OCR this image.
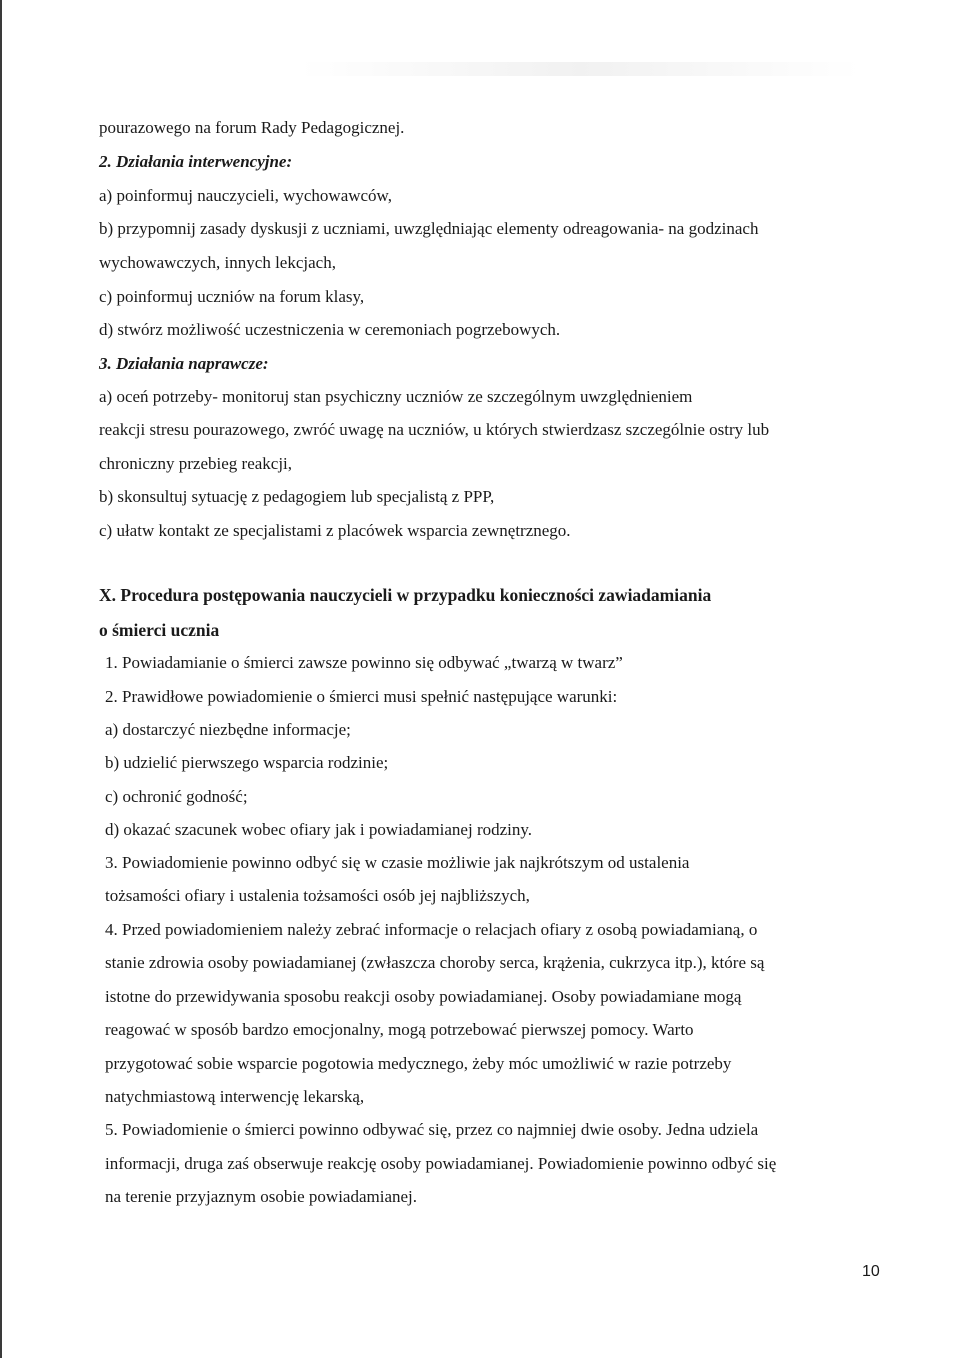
pourazowego na forum Rady Pedagogicznej.

2. Działania interwencyjne:

a) poinformuj nauczycieli, wychowawców,

b) przypomnij zasady dyskusji z uczniami, uwzględniając elementy odreagowania- na godzinach

wychowawczych, innych lekcjach,

c) poinformuj uczniów na forum klasy,

d) stwórz możliwość uczestniczenia w ceremoniach pogrzebowych.

3. Działania naprawcze:

a) oceń potrzeby- monitoruj stan psychiczny uczniów ze szczególnym uwzględnieniem

reakcji stresu pourazowego, zwróć uwagę na uczniów, u których stwierdzasz szczególnie ostry lub

chroniczny przebieg reakcji,

b) skonsultuj sytuację z pedagogiem lub specjalistą z PPP,

c) ułatw kontakt ze specjalistami z placówek wsparcia zewnętrznego.

X. Procedura postępowania nauczycieli w przypadku konieczności zawiadamiania

o śmierci ucznia

1. Powiadamianie o śmierci zawsze powinno się odbywać „twarzą w twarz”

2. Prawidłowe powiadomienie o śmierci musi spełnić następujące warunki:

a) dostarczyć niezbędne informacje;

b) udzielić pierwszego wsparcia rodzinie;

c) ochronić godność;

d) okazać szacunek wobec ofiary jak i powiadamianej rodziny.

3. Powiadomienie powinno odbyć się w czasie możliwie jak najkrótszym od ustalenia

tożsamości ofiary i ustalenia tożsamości osób jej najbliższych,

4. Przed powiadomieniem należy zebrać informacje o relacjach ofiary z osobą powiadamianą, o

stanie zdrowia osoby powiadamianej (zwłaszcza choroby serca, krążenia, cukrzyca itp.), które są

istotne do przewidywania sposobu reakcji osoby powiadamianej. Osoby powiadamiane mogą

reagować w sposób bardzo emocjonalny, mogą potrzebować pierwszej pomocy. Warto

przygotować sobie wsparcie pogotowia medycznego, żeby móc umożliwić w razie potrzeby

natychmiastową interwencję lekarską,

5. Powiadomienie o śmierci powinno odbywać się, przez co najmniej dwie osoby. Jedna udziela

informacji, druga zaś obserwuje reakcję osoby powiadamianej. Powiadomienie powinno odbyć się

na terenie przyjaznym osobie powiadamianej.

10
